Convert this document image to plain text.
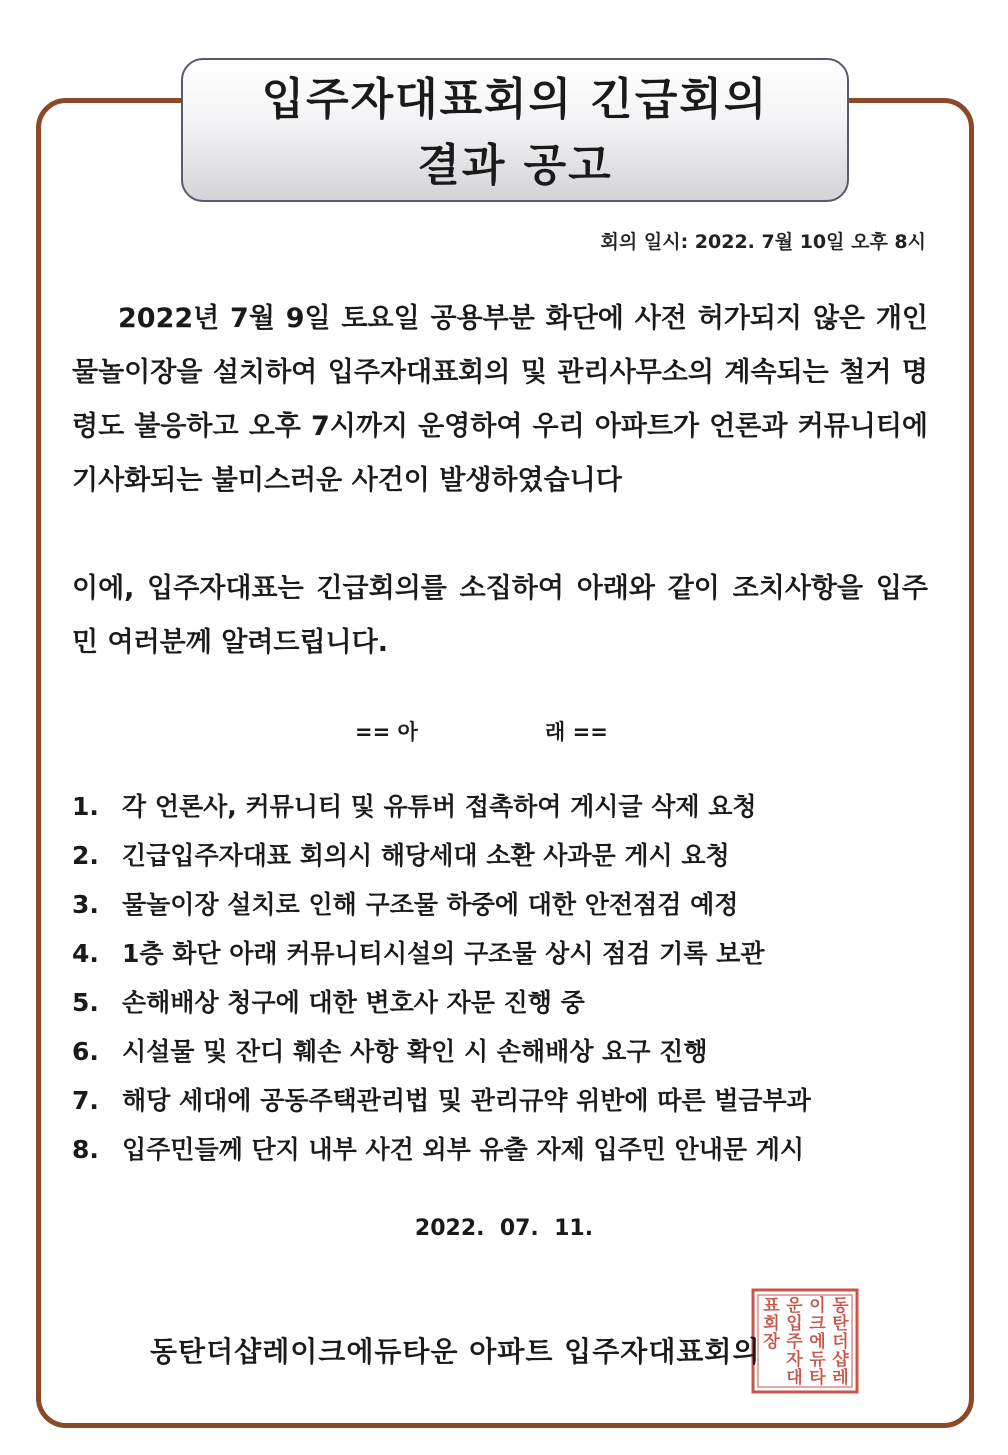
입주자대표회의 긴급회의
결과 공고
회의 일시: 2022. 7월 10일 오후 8시
2022년 7월 9일 토요일 공용부분 화단에 사전 허가되지 않은 개인 물놀이장을 설치하여 입주자대표회의 및 관리사무소의 계속되는 철거 명령도 불응하고 오후 7시까지 운영하여 우리 아파트가 언론과 커뮤니티에 기사화되는 불미스러운 사건이 발생하였습니다
이에, 입주자대표는 긴급회의를 소집하여 아래와 같이 조치사항을 입주민 여러분께 알려드립니다.
== 아	래 ==
1. 각 언론사, 커뮤니티 및 유튜버 접촉하여 게시글 삭제 요청
2. 긴급입주자대표 회의시 해당세대 소환 사과문 게시 요청
3. 물놀이장 설치로 인해 구조물 하중에 대한 안전점검 예정
4. 1층 화단 아래 커뮤니티시설의 구조물 상시 점검 기록 보관
5. 손해배상 청구에 대한 변호사 자문 진행 중
6. 시설물 및 잔디 훼손 사항 확인 시 손해배상 요구 진행
7. 해당 세대에 공동주택관리법 및 관리규약 위반에 따른 벌금부과
8. 입주민들께 단지 내부 사건 외부 유출 자제 입주민 안내문 게시
2022.  07.  11.
동
탄
더
샵
레
이
크
에
듀
타
운
입
주
자
대
표
회
장
동탄더샵레이크에듀타운 아파트 입주자대표회의
